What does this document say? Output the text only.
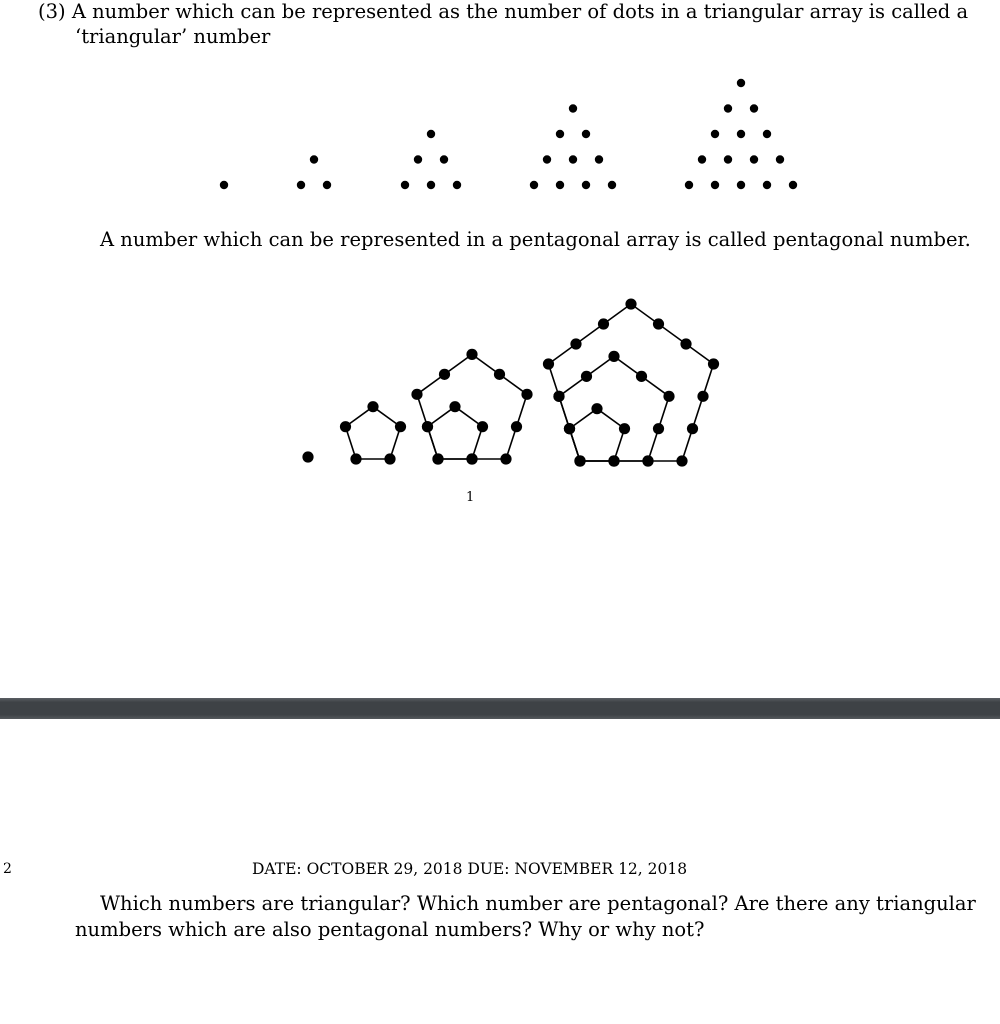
(3) A number which can be represented as the number of dots in a triangular array is called a

‘triangular’ number

A number which can be represented in a pentagonal array is called pentagonal number.

1
2	DATE: OCTOBER 29, 2018 DUE: NOVEMBER 12, 2018

Which numbers are triangular? Which number are pentagonal? Are there any triangular

numbers which are also pentagonal numbers? Why or why not?
